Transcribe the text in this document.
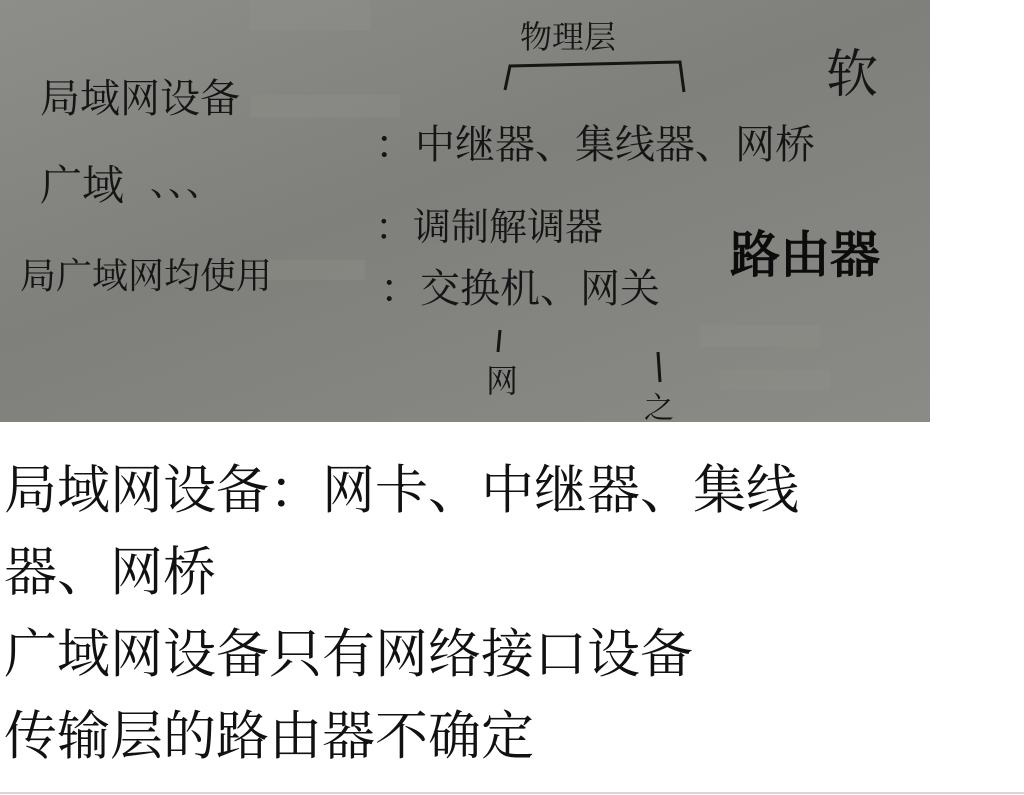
物理层
局域网设备
：中继器、集线器、网桥
广域 、、、
：调制解调器
局广域网均使用	：交换机、网关
软
路由器
网
之
局域网设备：网卡、中继器、集线
器、网桥
广域网设备只有网络接口设备
传输层的路由器不确定
